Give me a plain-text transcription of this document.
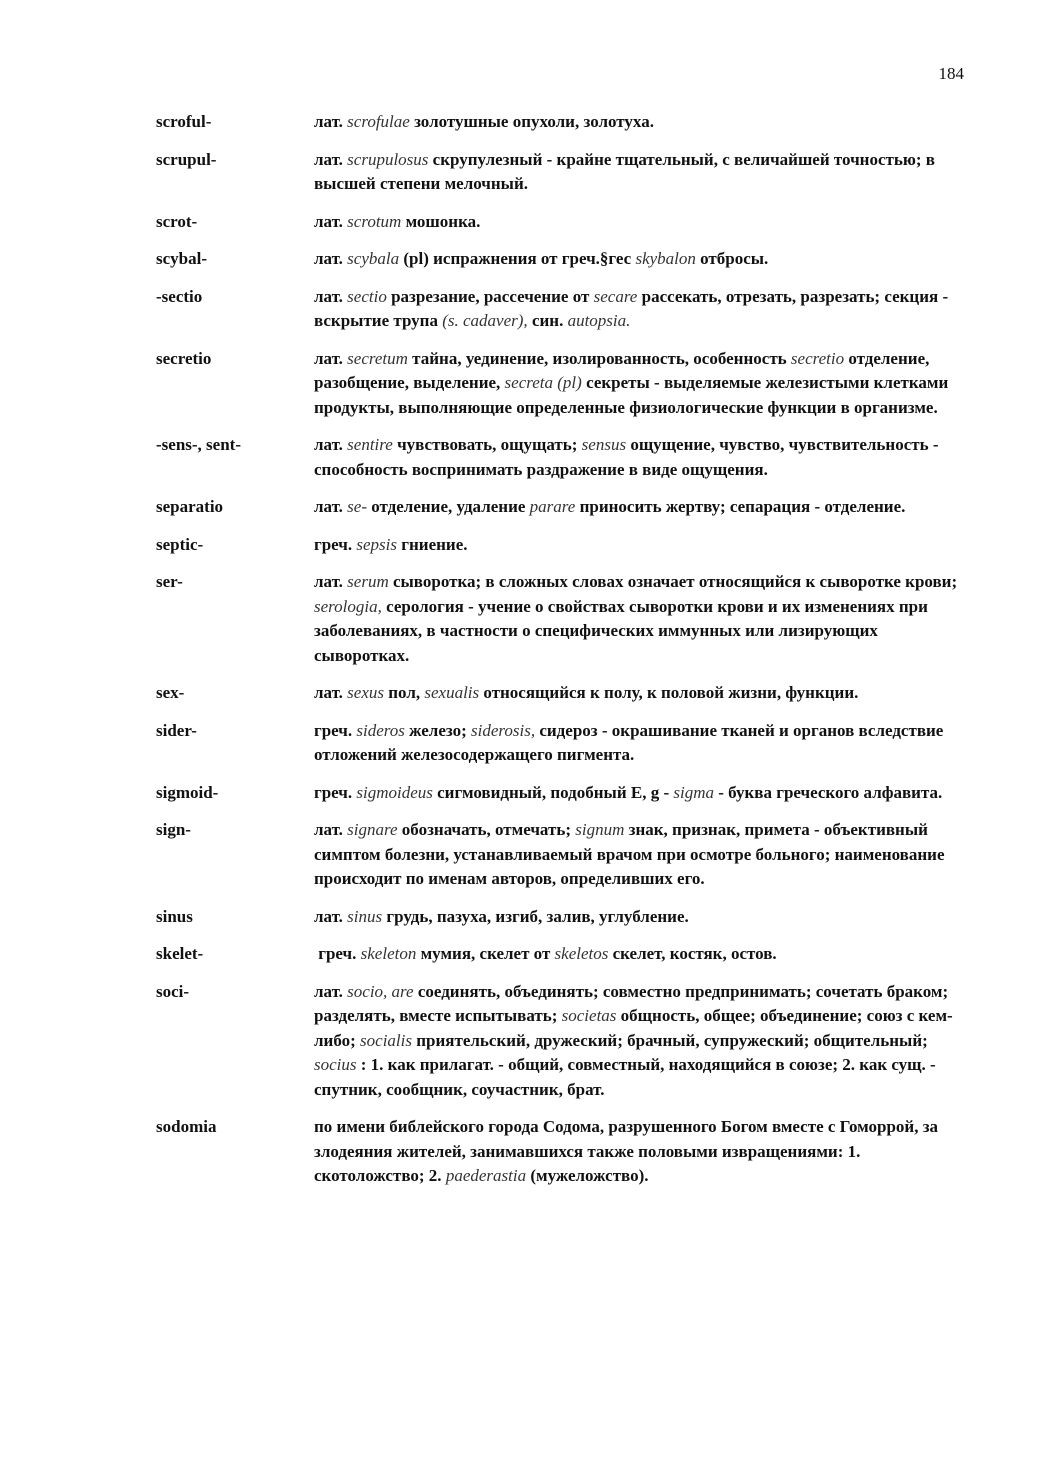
184
scroful-	лат. scrofulae золотушные опухоли, золотуха.
scrupul-	лат. scrupulosus скрупулезный - крайне тщательный, с величайшей точностью; в высшей степени мелочный.
scrot-	лат. scrotum мошонка.
scybal-	лат. scybala (pl) испражнения от греч.§гес skybalon отбросы.
-sectio	лат. sectio разрезание, рассечение от secare рассекать, отрезать, разрезать; секция - вскрытие трупа (s. cadaver), син. autopsia.
secretio	лат. secretum тайна, уединение, изолированность, особенность secretio отделение, разобщение, выделение, secreta (pl) секреты - выделяемые железистыми клетками продукты, выполняющие определенные физиологические функции в организме.
-sens-, sent-	лат. sentire чувствовать, ощущать; sensus ощущение, чувство, чувствительность - способность воспринимать раздражение в виде ощущения.
separatio	лат. se- отделение, удаление parare приносить жертву; сепарация - отделение.
septic-	греч. sepsis гниение.
ser-	лат. serum сыворотка; в сложных словах означает относящийся к сыворотке крови; serologia, серология - учение о свойствах сыворотки крови и их изменениях при заболеваниях, в частности о специфических иммунных или лизирующих сыворотках.
sex-	лат. sexus пол, sexualis относящийся к полу, к половой жизни, функции.
sider-	греч. sideros железо; siderosis, сидероз - окрашивание тканей и органов вследствие отложений железосодержащего пигмента.
sigmoid-	греч. sigmoideus сигмовидный, подобный Е, g - sigma - буква греческого алфавита.
sign-	лат. signare обозначать, отмечать; signum знак, признак, примета - объективный симптом болезни, устанавливаемый врачом при осмотре больного; наименование происходит по именам авторов, определивших его.
sinus	лат. sinus грудь, пазуха, изгиб, залив, углубление.
skelet-	греч. skeleton мумия, скелет от skeletos скелет, костяк, остов.
soci-	лат. socio, are соединять, объединять; совместно предпринимать; сочетать браком; разделять, вместе испытывать; societas общность, общее; объединение; союз с кем-либо; socialis приятельский, дружеский; брачный, супружеский; общительный; socius : 1. как прилагат. - общий, совместный, находящийся в союзе; 2. как сущ. - спутник, сообщник, соучастник, брат.
sodomia	по имени библейского города Содома, разрушенного Богом вместе с Гоморрой, за злодеяния жителей, занимавшихся также половыми извращениями: 1. скотоложство; 2. paederastia (мужеложство).
